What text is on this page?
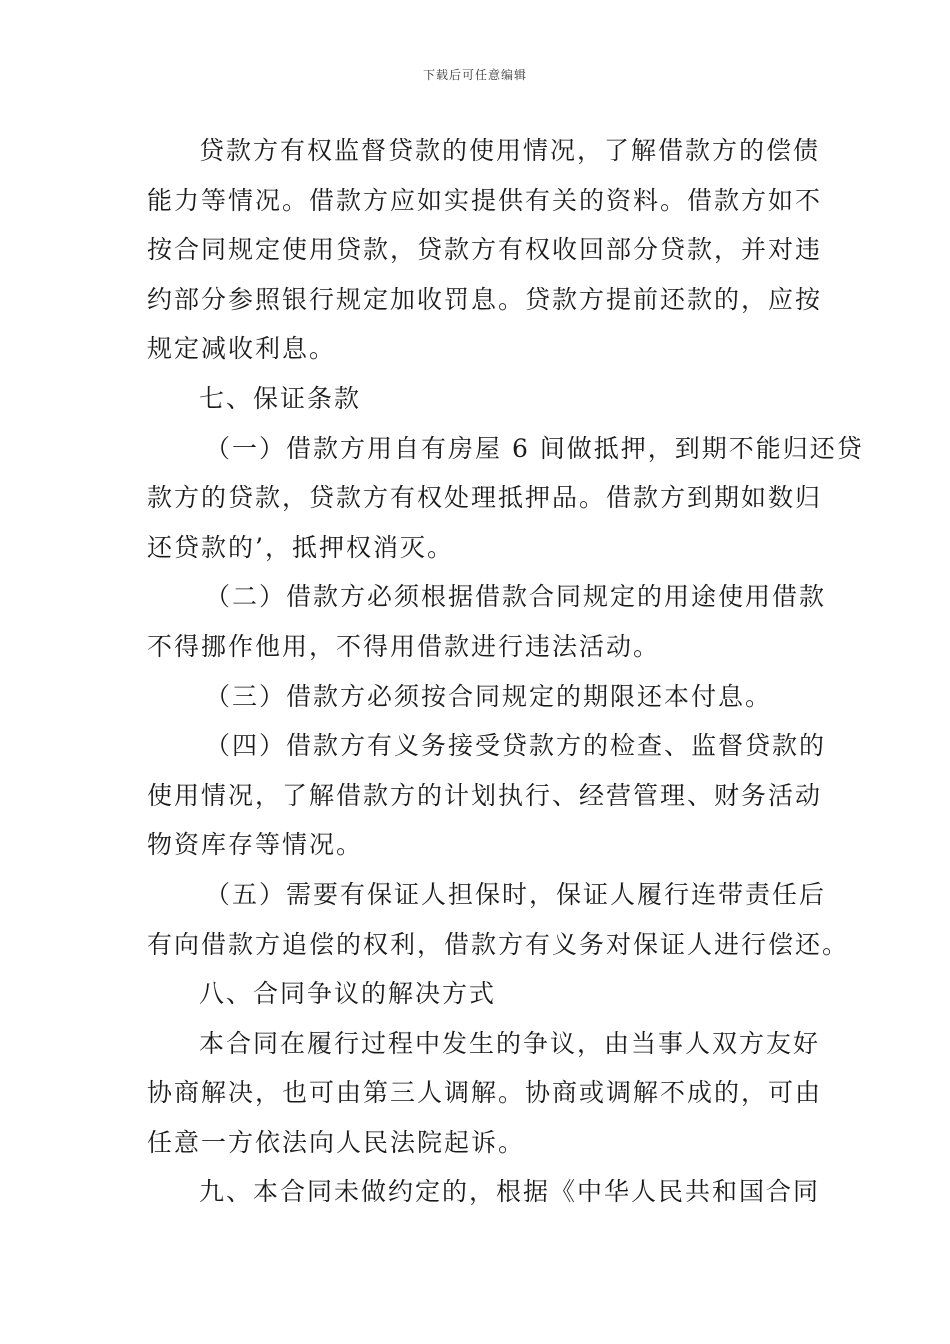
下载后可任意编辑

贷款方有权监督贷款的使用情况，了解借款方的偿债

能力等情况。借款方应如实提供有关的资料。借款方如不

按合同规定使用贷款，贷款方有权收回部分贷款，并对违

约部分参照银行规定加收罚息。贷款方提前还款的，应按

规定减收利息。

七、保证条款

（一）借款方用自有房屋 6 间做抵押，到期不能归还贷

款方的贷款，贷款方有权处理抵押品。借款方到期如数归

还贷款的’，抵押权消灭。

（二）借款方必须根据借款合同规定的用途使用借款

不得挪作他用，不得用借款进行违法活动。

（三）借款方必须按合同规定的期限还本付息。

（四）借款方有义务接受贷款方的检查、监督贷款的

使用情况，了解借款方的计划执行、经营管理、财务活动

物资库存等情况。

（五）需要有保证人担保时，保证人履行连带责任后

有向借款方追偿的权利，借款方有义务对保证人进行偿还。

八、合同争议的解决方式

本合同在履行过程中发生的争议，由当事人双方友好

协商解决，也可由第三人调解。协商或调解不成的，可由

任意一方依法向人民法院起诉。

九、本合同未做约定的，根据《中华人民共和国合同
